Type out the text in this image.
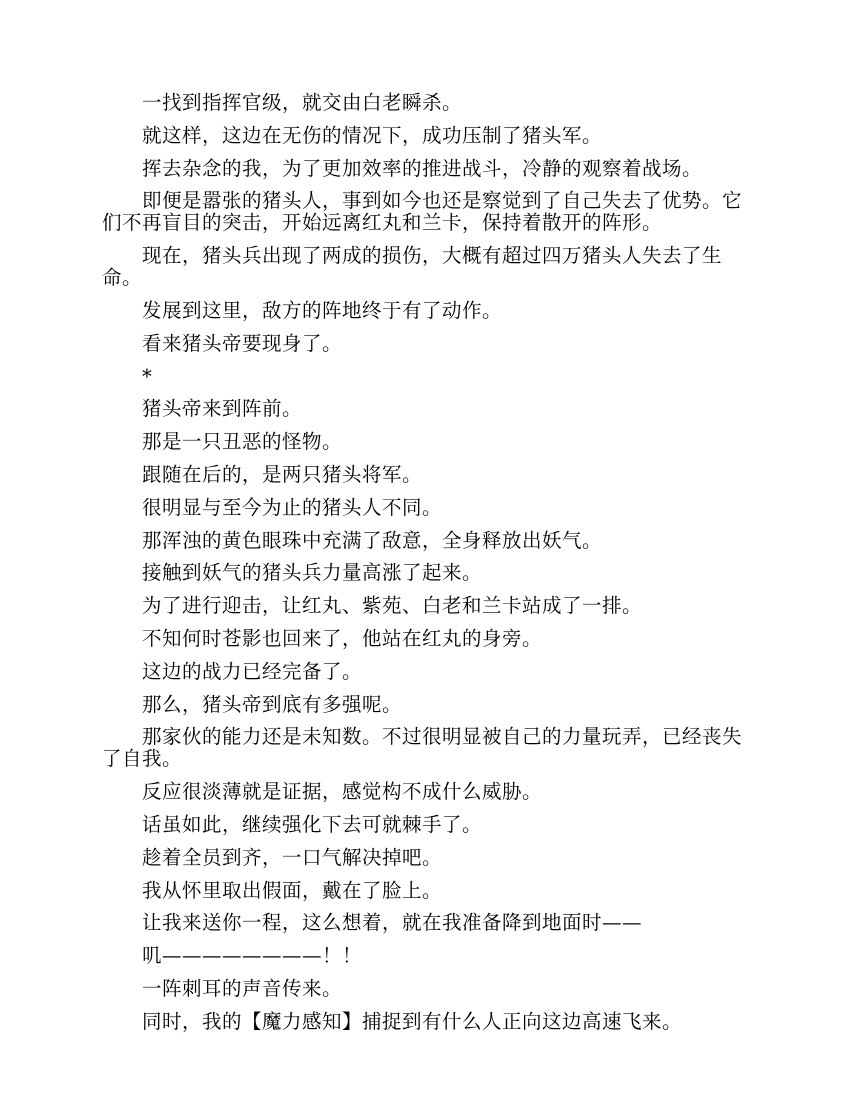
一找到指挥官级，就交由白老瞬杀。

就这样，这边在无伤的情况下，成功压制了猪头军。

挥去杂念的我，为了更加效率的推进战斗，冷静的观察着战场。

即便是嚣张的猪头人，事到如今也还是察觉到了自己失去了优势。它们不再盲目的突击，开始远离红丸和兰卡，保持着散开的阵形。

现在，猪头兵出现了两成的损伤，大概有超过四万猪头人失去了生命。

发展到这里，敌方的阵地终于有了动作。

看来猪头帝要现身了。

*

猪头帝来到阵前。

那是一只丑恶的怪物。

跟随在后的，是两只猪头将军。

很明显与至今为止的猪头人不同。

那浑浊的黄色眼珠中充满了敌意，全身释放出妖气。

接触到妖气的猪头兵力量高涨了起来。

为了进行迎击，让红丸、紫苑、白老和兰卡站成了一排。

不知何时苍影也回来了，他站在红丸的身旁。

这边的战力已经完备了。

那么，猪头帝到底有多强呢。

那家伙的能力还是未知数。不过很明显被自己的力量玩弄，已经丧失了自我。

反应很淡薄就是证据，感觉构不成什么威胁。

话虽如此，继续强化下去可就棘手了。

趁着全员到齐，一口气解决掉吧。

我从怀里取出假面，戴在了脸上。

让我来送你一程，这么想着，就在我准备降到地面时——

叽————————！！

一阵刺耳的声音传来。

同时，我的【魔力感知】捕捉到有什么人正向这边高速飞来。
